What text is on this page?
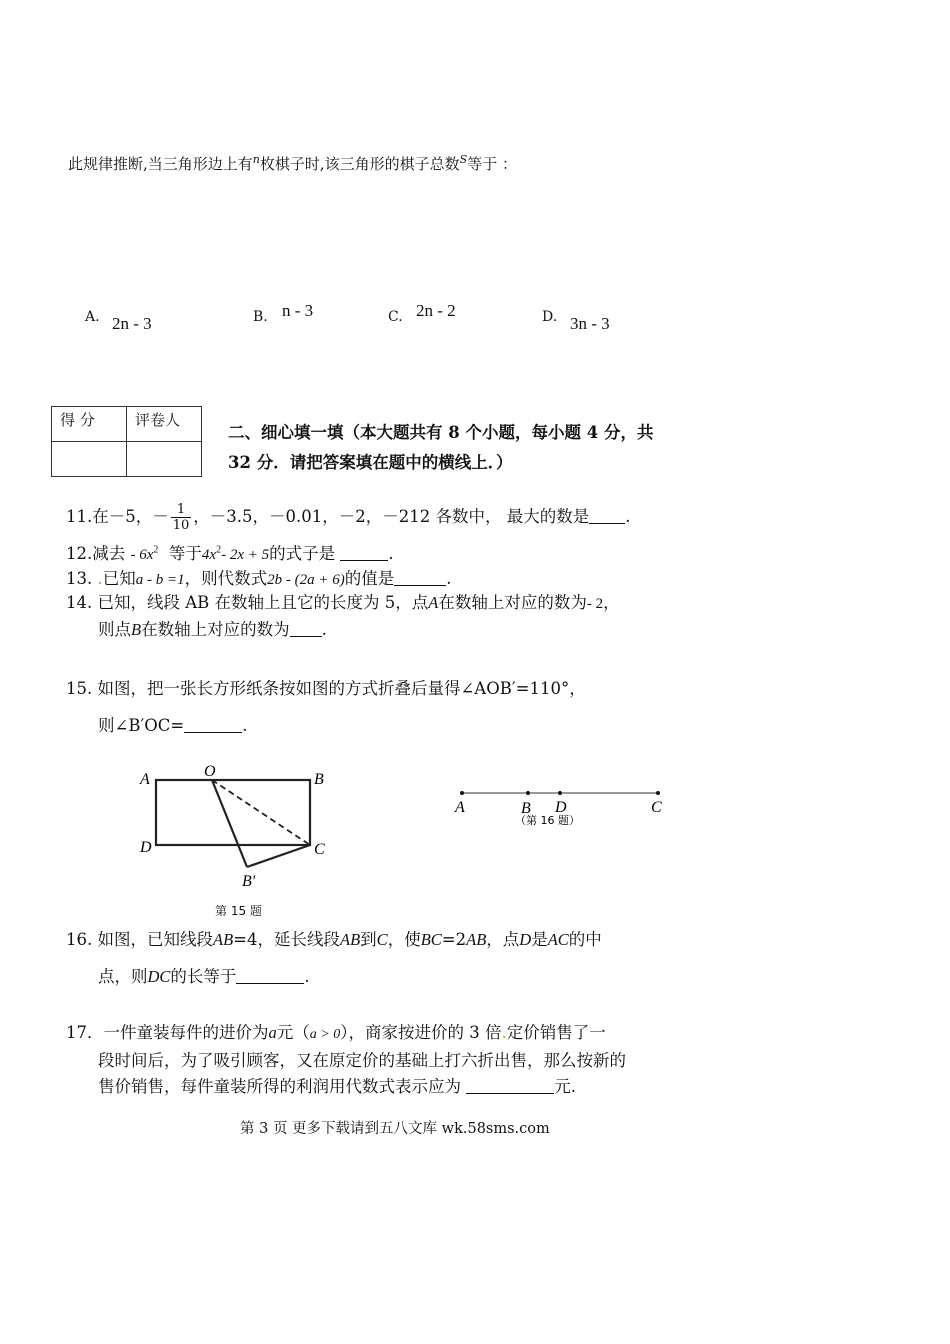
此规律推断,当三角形边上有$^n$枚棋子时,该三角形的棋子总数$^S$等于 ：
A. 2n - 3	B. n - 3	C. 2n - 2	D. 3n - 3
得 分	评卷人

二、细心填一填（本大题共有 8 个小题，每小题 4 分，共
32 分．请把答案填在题中的横线上．）
11.在－5，－ $\frac{1}{10}$ ，－3.5，－0.01，－2，－212 各数中， 最大的数是 .
12.减去 - $6x^2$ 等于$4x^2-$ 2x + 5的式子是	.
13. .已知a - b =1，则代数式2b - (2a + 6)的值是	.
14. 已知，线段 AB 在数轴上且它的长度为 5，点A在数轴上对应的数为- 2，
则点B在数轴上对应的数为 .
15. 如图，把一张长方形纸条按如图的方式折叠后量得∠AOB′=110°，
则∠B′OC=	.
A	O	B
D	C
B′
第 15 题
A	B D	C
（第 16 题）
16. 如图，已知线段AB=4，延长线段AB到C，使BC=2AB，点D是AC的中
点，则DC的长等于	.
17．一件童装每件的进价为a元（a > 0），商家按进价的 3 倍.定价销售了一
段时间后，为了吸引顾客，又在原定价的基础上打六折出售，那么按新的
售价销售，每件童装所得的利润用代数式表示应为	元.
第 3 页 更多下载请到五八文库 wk.58sms.com
